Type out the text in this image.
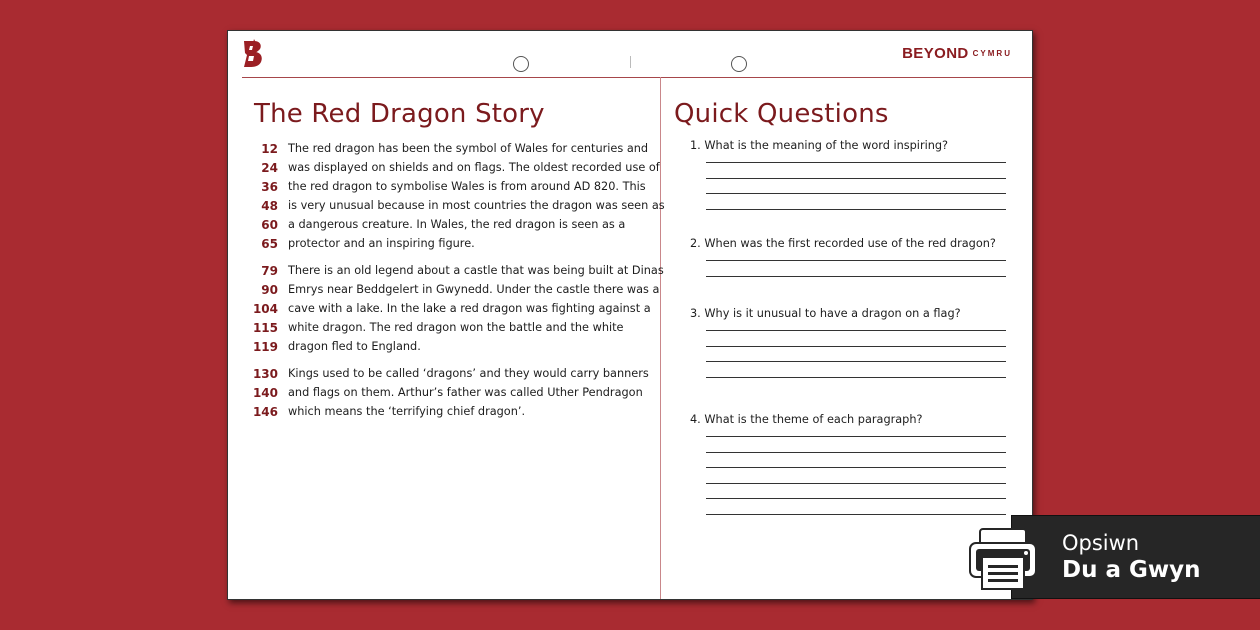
BEYOND $^{CYMRU}$
The Red Dragon Story
12 The red dragon has been the symbol of Wales for centuries and
24 was displayed on shields and on flags. The oldest recorded use of
36 the red dragon to symbolise Wales is from around AD 820. This
48 is very unusual because in most countries the dragon was seen as
60 a dangerous creature. In Wales, the red dragon is seen as a
65 protector and an inspiring figure.
79 There is an old legend about a castle that was being built at Dinas
90 Emrys near Beddgelert in Gwynedd. Under the castle there was a
104 cave with a lake. In the lake a red dragon was fighting against a
115 white dragon. The red dragon won the battle and the white
119 dragon fled to England.
130 Kings used to be called ‘dragons’ and they would carry banners
140 and flags on them. Arthur’s father was called Uther Pendragon
146 which means the ‘terrifying chief dragon’.
Quick Questions
1. What is the meaning of the word inspiring?
2. When was the first recorded use of the red dragon?
3. Why is it unusual to have a dragon on a flag?
4. What is the theme of each paragraph?
Opsiwn
Du a Gwyn
